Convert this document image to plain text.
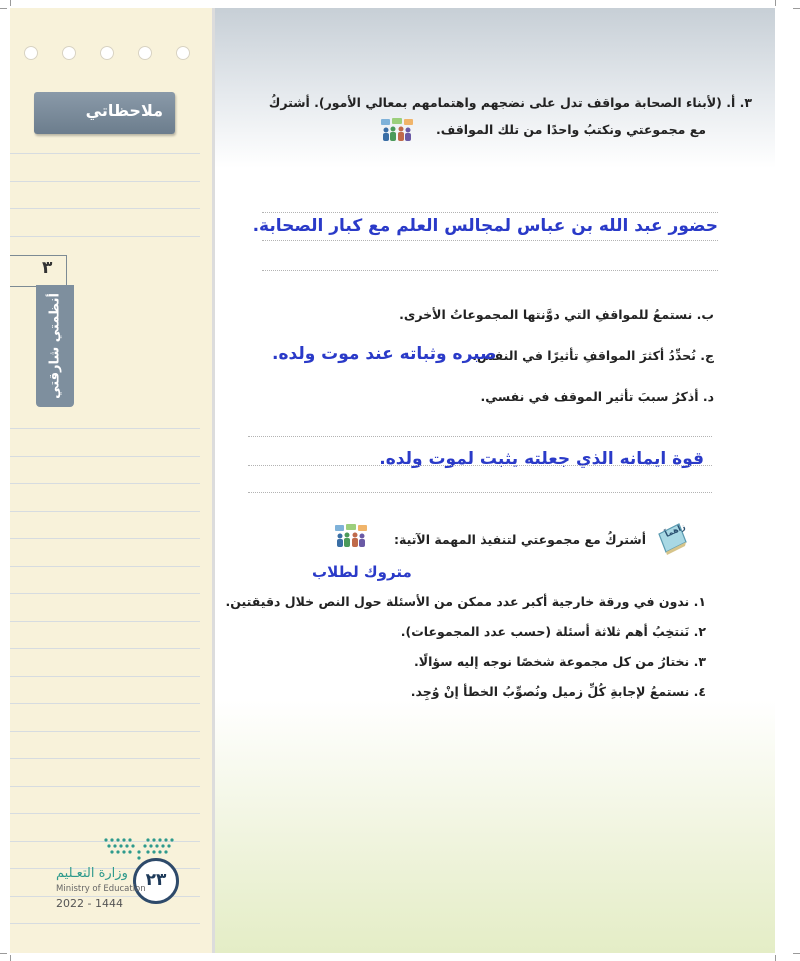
ملاحظاتي
٣
أنظمتي شارقتي
٣. أ. (لأبناء الصحابة مواقف تدل على نضجهم واهتمامهم بمعالي الأمور). أشتركُ
مع مجموعتي ونكتبُ واحدًا من تلك المواقف.
حضور عبد الله بن عباس لمجالس العلم مع كبار الصحابة.
ب. نستمعُ للمواقفِ التي دوَّنتها المجموعاتُ الأخرى.
ج. نُحدِّدُ أكثرَ المواقفِ تأثيرًا في النفس.
صبره وثباته عند موت ولده.
د. أذكرُ سببَ تأثير الموقف في نفسي.
قوة ايمانه الذي جعلته يثبت لموت ولده.
زاهماً
أشتركُ مع مجموعتي لتنفيذ المهمة الآتية:
متروك لطلاب
١. ندون في ورقة خارجية أكبر عدد ممكن من الأسئلة حول النص خلال دقيقتين.
٢. نَنتخِبُ أهم ثلاثة أسئلة (حسب عدد المجموعات).
٣. نختارُ من كل مجموعة شخصًا نوجه إليه سؤالًا.
٤. نستمعُ لإجابةِ كُلِّ زميل ونُصوِّبُ الخطأ إنْ وُجِد.
٢٣
وزارة التعـليم
Ministry of Education
2022 - 1444
